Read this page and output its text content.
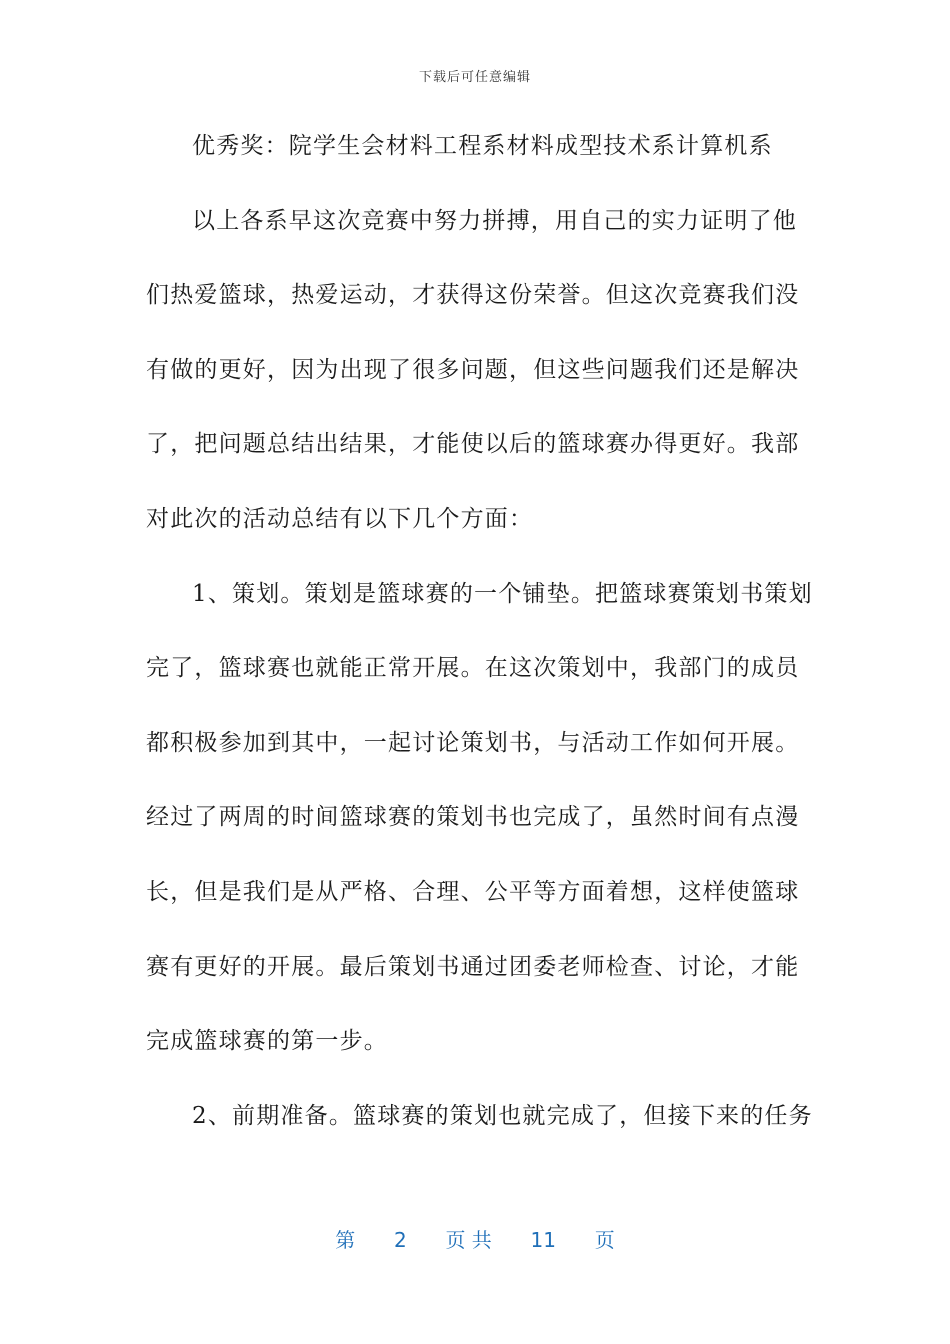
下载后可任意编辑
优秀奖：院学生会材料工程系材料成型技术系计算机系
以上各系早这次竞赛中努力拼搏，用自己的实力证明了他
们热爱篮球，热爱运动，才获得这份荣誉。但这次竞赛我们没
有做的更好，因为出现了很多问题，但这些问题我们还是解决
了，把问题总结出结果，才能使以后的篮球赛办得更好。我部
对此次的活动总结有以下几个方面：
1、策划。策划是篮球赛的一个铺垫。把篮球赛策划书策划
完了，篮球赛也就能正常开展。在这次策划中，我部门的成员
都积极参加到其中，一起讨论策划书，与活动工作如何开展。
经过了两周的时间篮球赛的策划书也完成了，虽然时间有点漫
长，但是我们是从严格、合理、公平等方面着想，这样使篮球
赛有更好的开展。最后策划书通过团委老师检查、讨论，才能
完成篮球赛的第一步。
2、前期准备。篮球赛的策划也就完成了，但接下来的任务
第 2 页 共 11 页
